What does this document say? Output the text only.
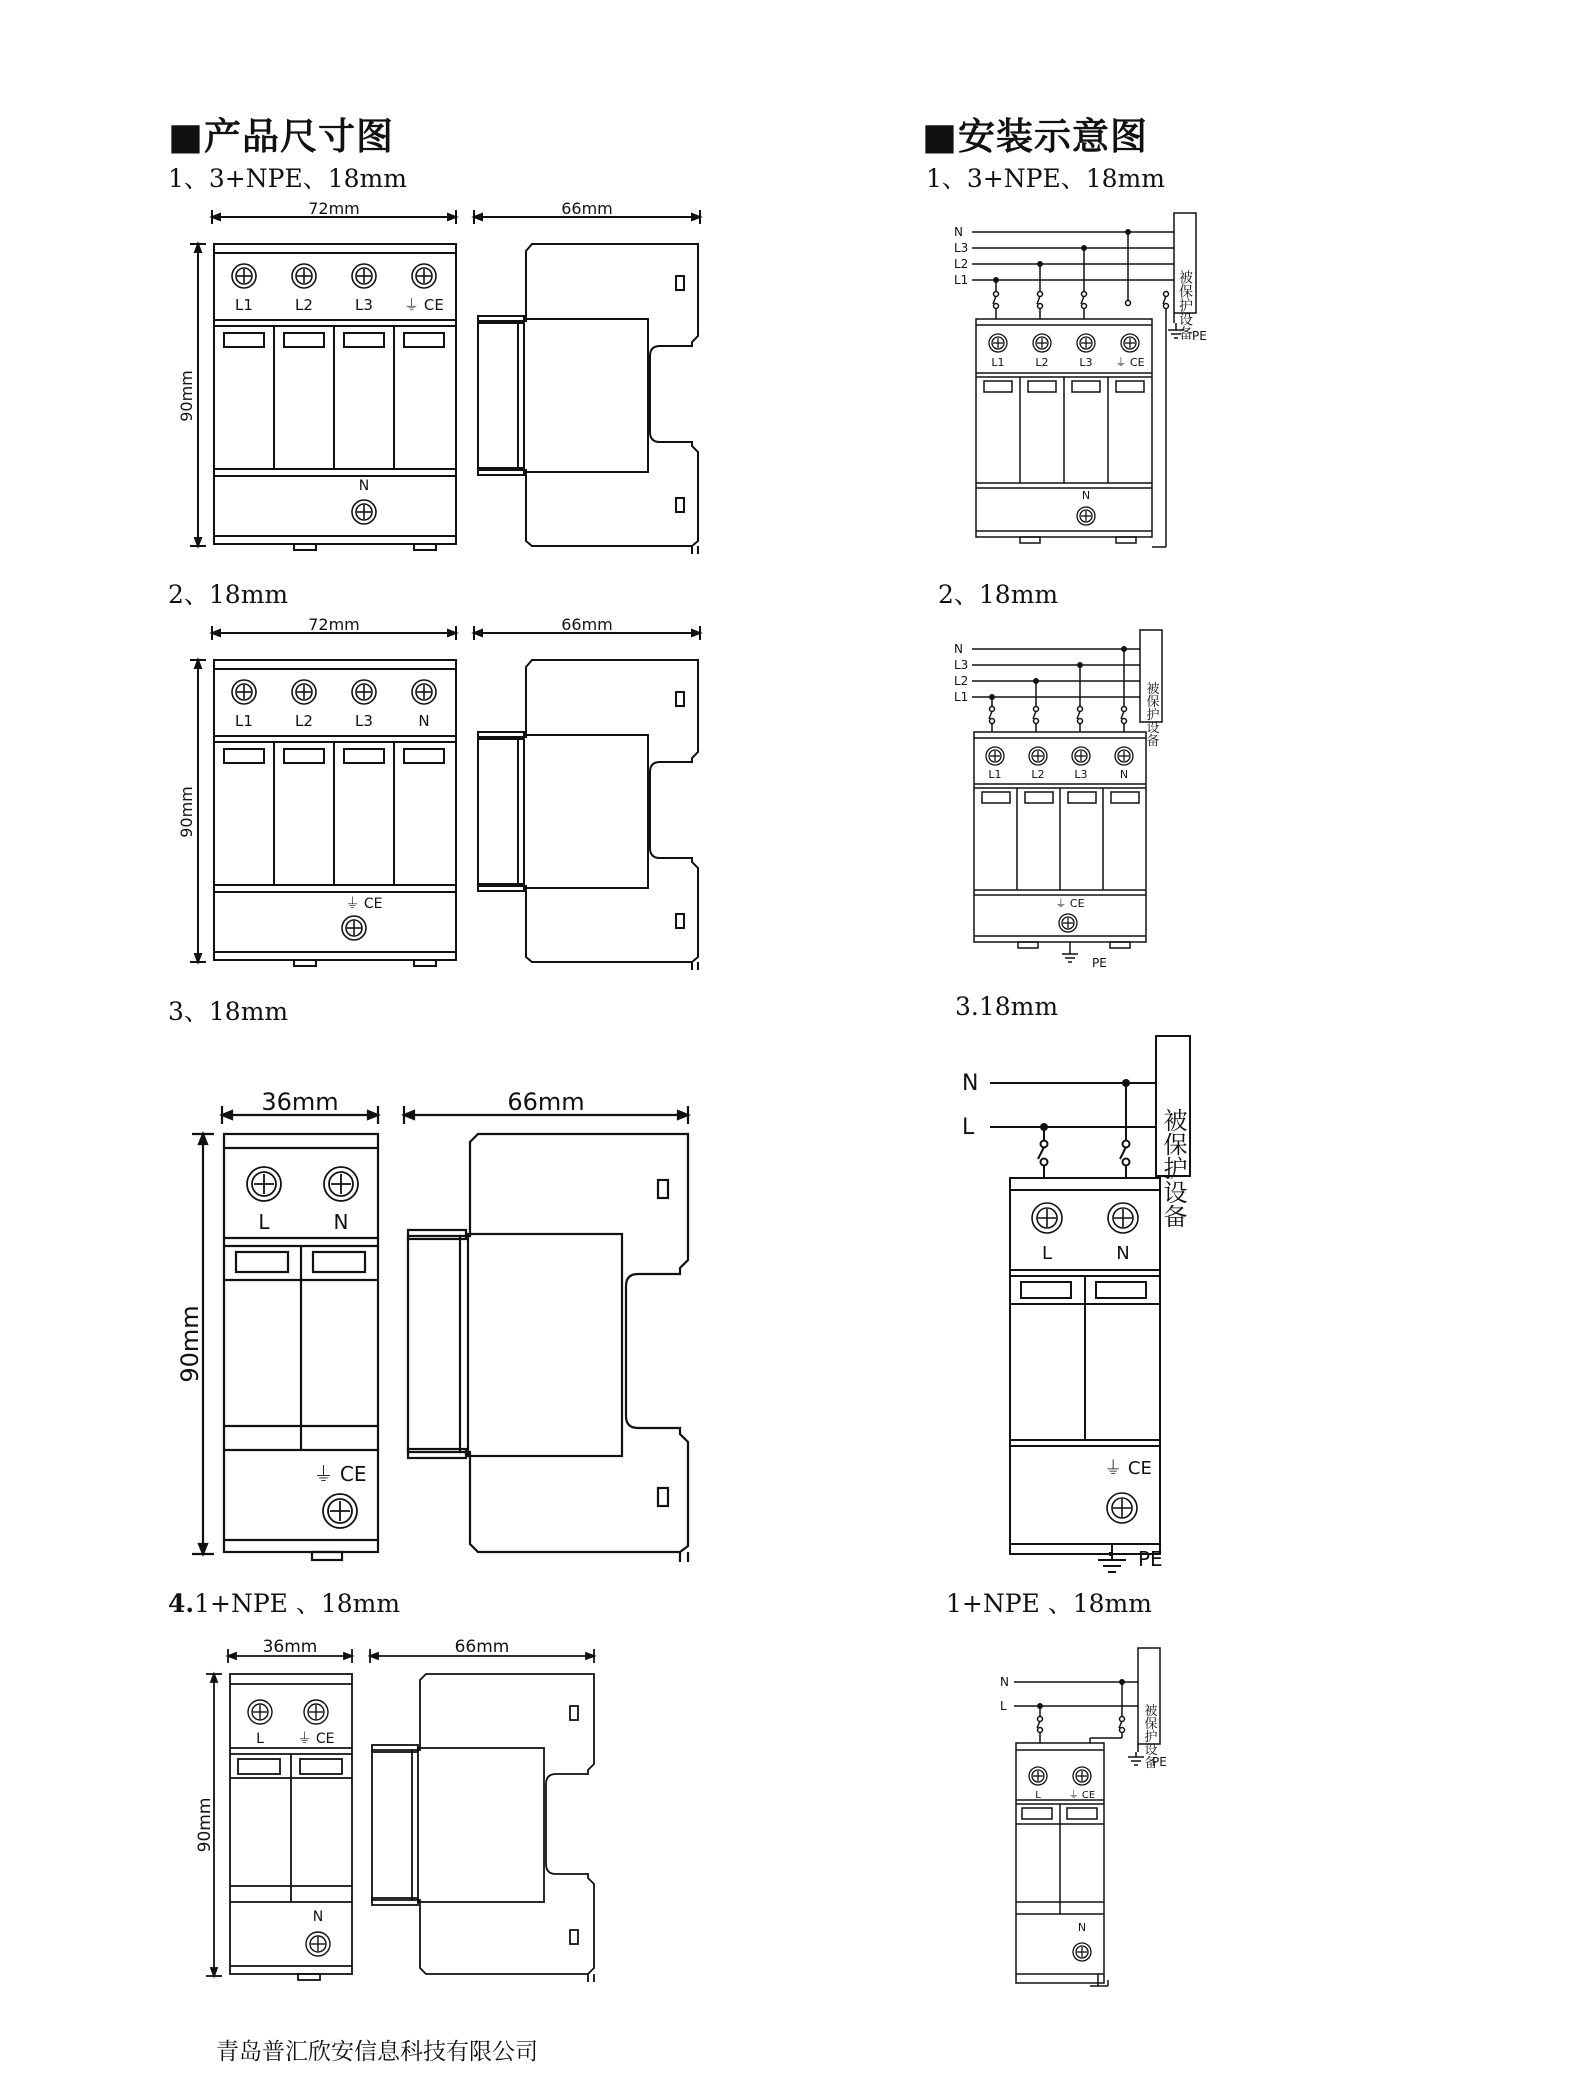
■产品尺寸图	■安装示意图
1、3+NPE、18mm	1、3+NPE、18mm
2、18mm	2、18mm
3、18mm	3.18mm
4.1+NPE 、18mm	1+NPE 、18mm
72mm
90mm
L1	L2	L3 ⏚ CE
N
66mm
N
L3
L2
L1	被保护设备 PE
L1	L2	L3 ⏚ CE
N
72mm
90mm
L1	L2	L3	N
⏚ CE
66mm
N
L3
L2
L1	被保护设备
L1	L2	L3	N
⏚ CE
PE
36mm
90mm
L	N
⏚ CE
66mm
N
L	被保护设备
L	N
⏚ CE
PE
36mm
90mm
L ⏚ CE
N
66mm
N
L	被保护设备
PE
L	⏚ CE
N
青岛普汇欣安信息科技有限公司
